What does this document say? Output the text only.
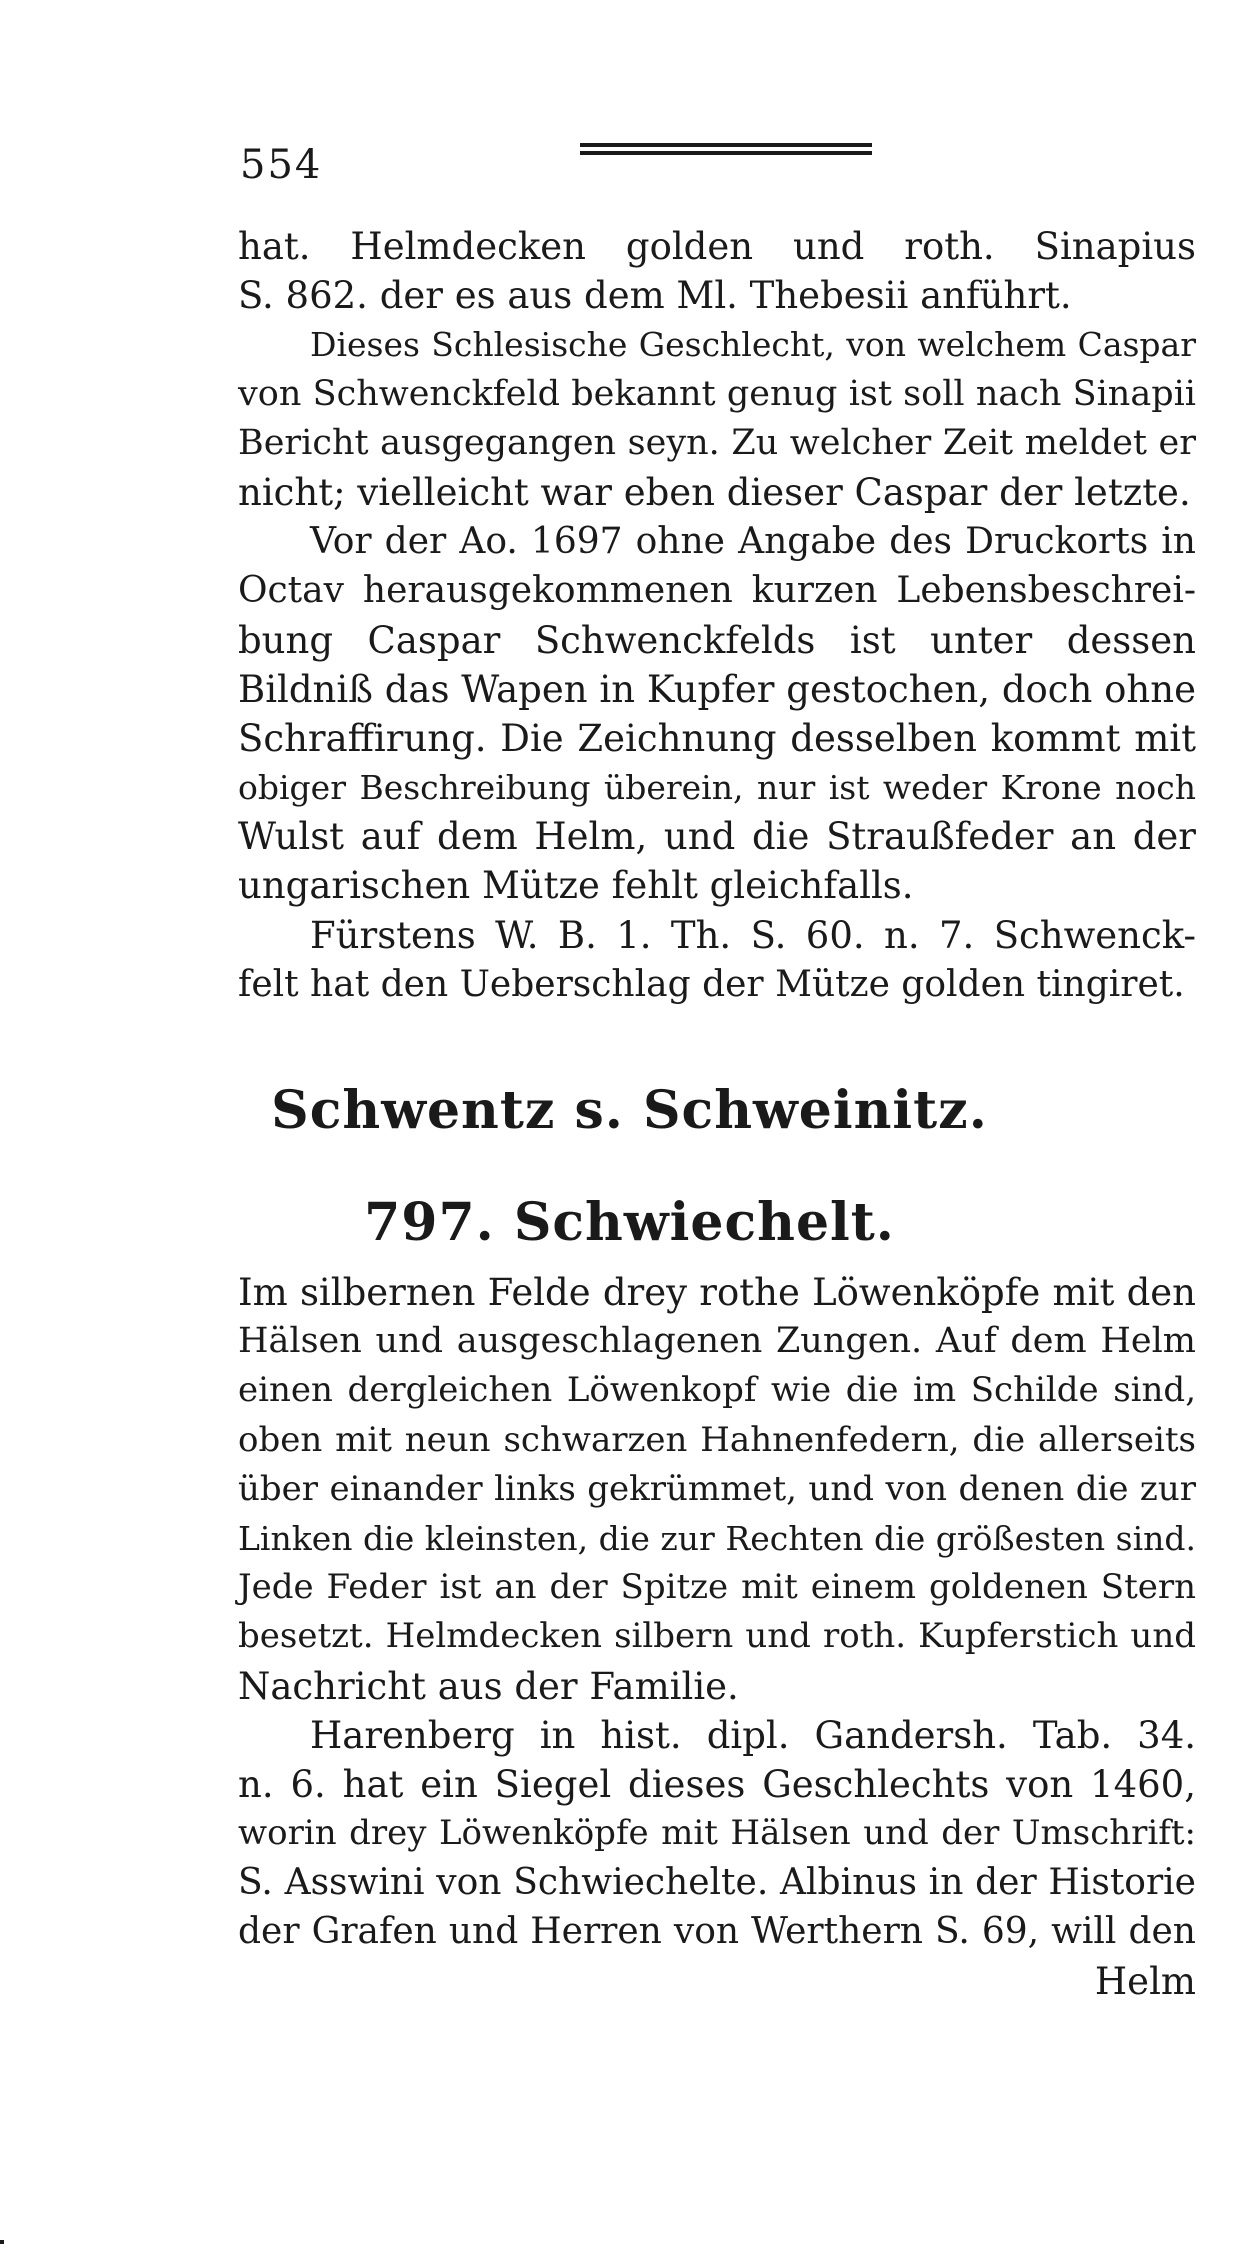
554
hat. Helmdecken golden und roth. Sinapius
S. 862. der es aus dem Ml. Thebesii anführt.
Dieses Schlesische Geschlecht, von welchem Caspar
von Schwenckfeld bekannt genug ist soll nach Sinapii
Bericht ausgegangen seyn. Zu welcher Zeit meldet er
nicht; vielleicht war eben dieser Caspar der letzte.
Vor der Ao. 1697 ohne Angabe des Druckorts in
Octav herausgekommenen kurzen Lebensbeschrei-
bung Caspar Schwenckfelds ist unter dessen
Bildniß das Wapen in Kupfer gestochen, doch ohne
Schraffirung. Die Zeichnung desselben kommt mit
obiger Beschreibung überein, nur ist weder Krone noch
Wulst auf dem Helm, und die Straußfeder an der
ungarischen Mütze fehlt gleichfalls.
Fürstens W. B. 1. Th. S. 60. n. 7. Schwenck-
felt hat den Ueberschlag der Mütze golden tingiret.
Schwentz s. Schweinitz.
797. Schwiechelt.
Im silbernen Felde drey rothe Löwenköpfe mit den
Hälsen und ausgeschlagenen Zungen. Auf dem Helm
einen dergleichen Löwenkopf wie die im Schilde sind,
oben mit neun schwarzen Hahnenfedern, die allerseits
über einander links gekrümmet, und von denen die zur
Linken die kleinsten, die zur Rechten die größesten sind.
Jede Feder ist an der Spitze mit einem goldenen Stern
besetzt. Helmdecken silbern und roth. Kupferstich und
Nachricht aus der Familie.
Harenberg in hist. dipl. Gandersh. Tab. 34.
n. 6. hat ein Siegel dieses Geschlechts von 1460,
worin drey Löwenköpfe mit Hälsen und der Umschrift:
S. Asswini von Schwiechelte. Albinus in der Historie
der Grafen und Herren von Werthern S. 69, will den
Helm
